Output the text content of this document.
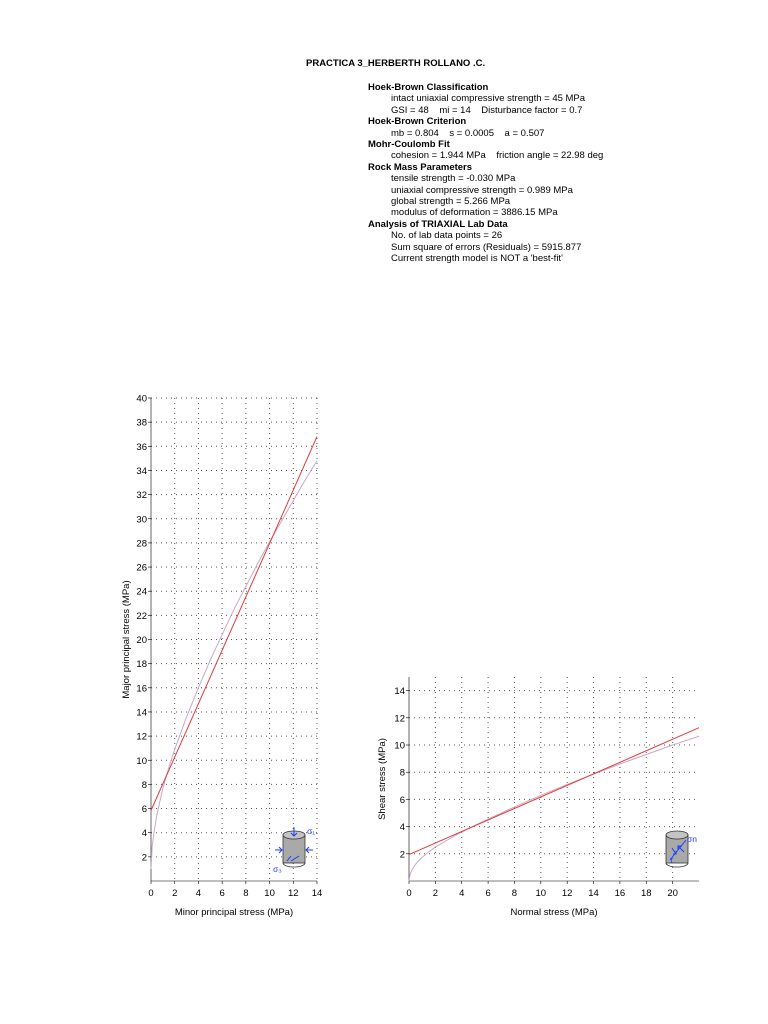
PRACTICA 3_HERBERTH ROLLANO .C.
Hoek-Brown Classification
intact uniaxial compressive strength = 45 MPa
GSI = 48    mi = 14    Disturbance factor = 0.7
Hoek-Brown Criterion
mb = 0.804    s = 0.0005    a = 0.507
Mohr-Coulomb Fit
cohesion = 1.944 MPa    friction angle = 22.98 deg
Rock Mass Parameters
tensile strength = -0.030 MPa
uniaxial compressive strength = 0.989 MPa
global strength = 5.266 MPa
modulus of deformation = 3886.15 MPa
Analysis of TRIAXIAL Lab Data
No. of lab data points = 26
Sum square of errors (Residuals) = 5915.877
Current strength model is NOT a 'best-fit'
0 2 4 6 8 10 12 14
2
4
6
8
10
12
14
16
18
20
22
24
26
28
30
32
34
36
38
40
Minor principal stress (MPa)
Major principal stress (MPa)
σ₁
σ₃
0 2 4 6 8 10 12 14 16 18 20
2
4
6
8
10
12
14
Normal stress (MPa)
Shear stress (MPa)
σn
τ
